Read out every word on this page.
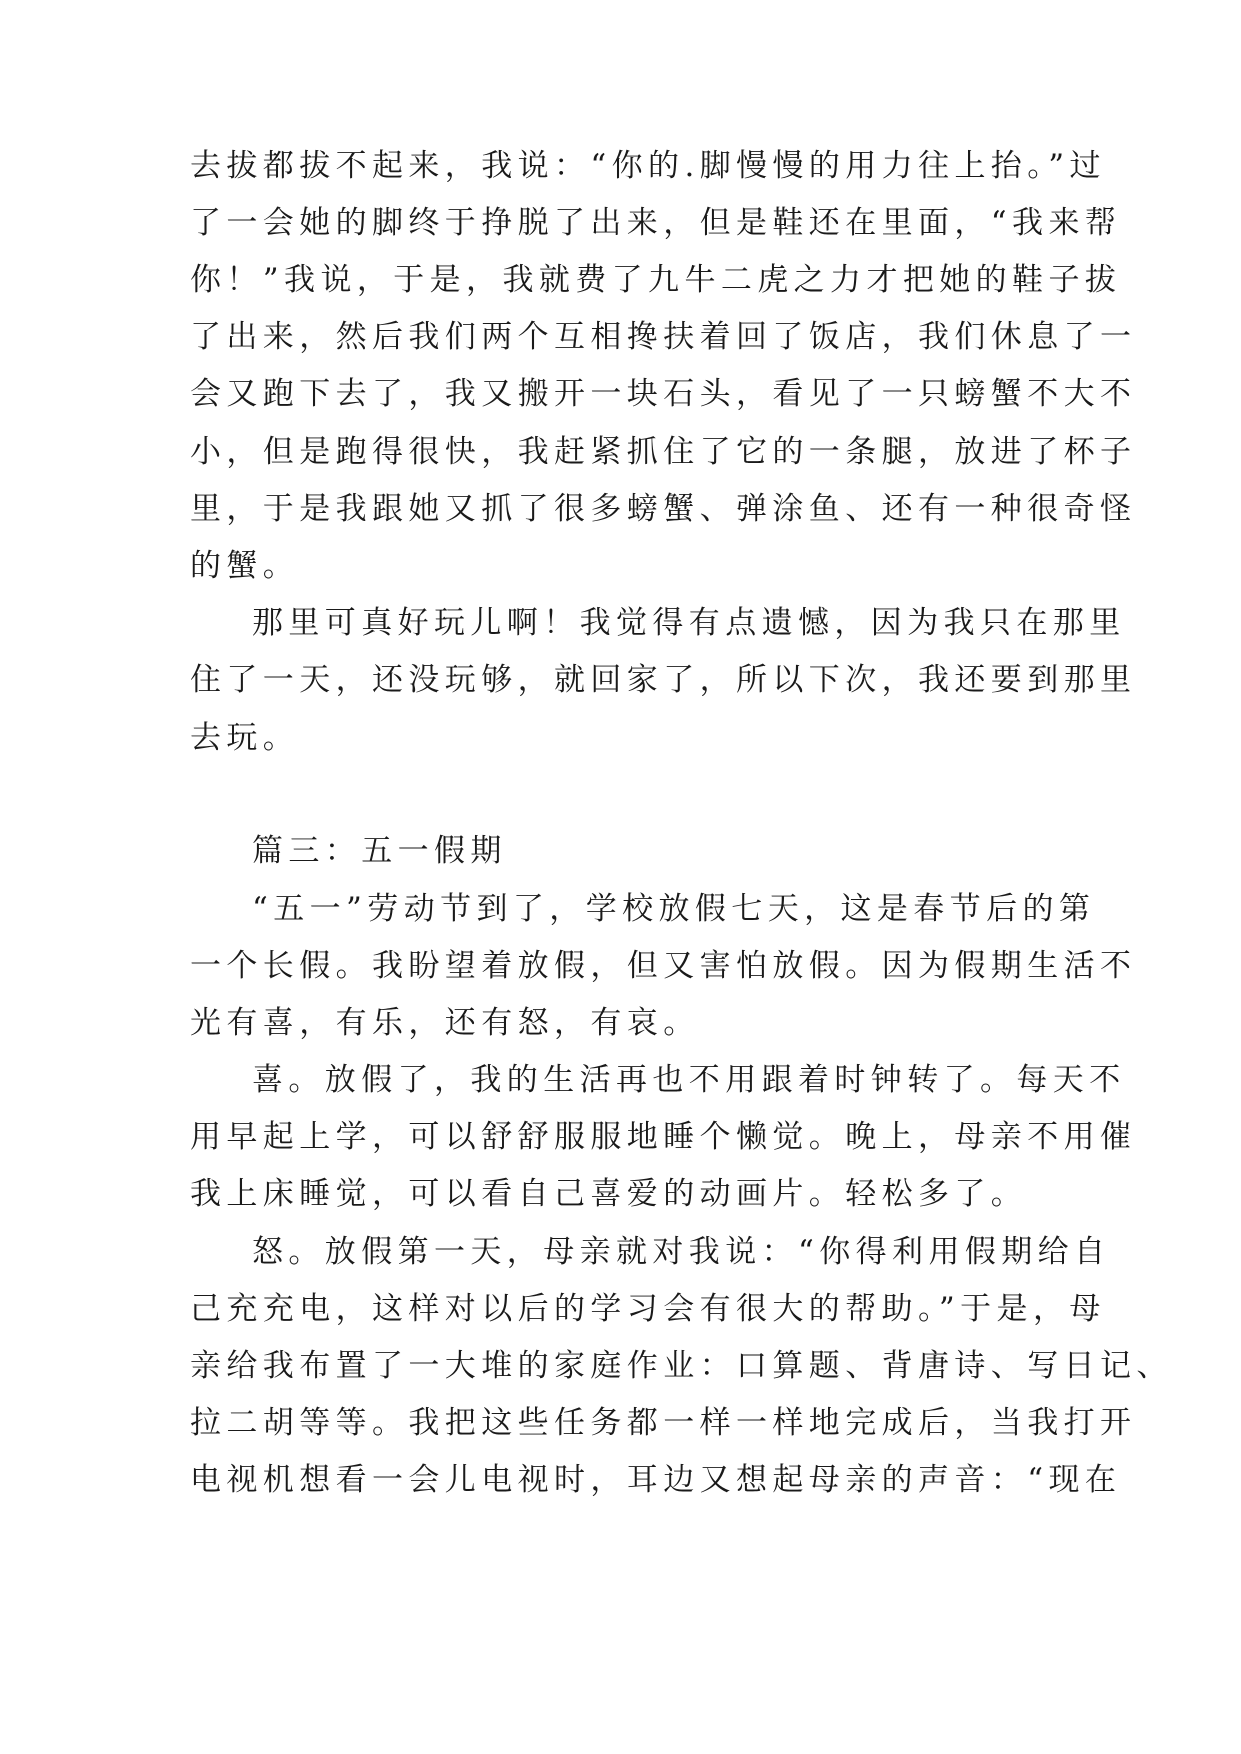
去拔都拔不起来，我说：“你的.脚慢慢的用力往上抬。”过
了一会她的脚终于挣脱了出来，但是鞋还在里面，“我来帮
你！”我说，于是，我就费了九牛二虎之力才把她的鞋子拔
了出来，然后我们两个互相搀扶着回了饭店，我们休息了一
会又跑下去了，我又搬开一块石头，看见了一只螃蟹不大不
小，但是跑得很快，我赶紧抓住了它的一条腿，放进了杯子
里，于是我跟她又抓了很多螃蟹、弹涂鱼、还有一种很奇怪
的蟹。
那里可真好玩儿啊！我觉得有点遗憾，因为我只在那里
住了一天，还没玩够，就回家了，所以下次，我还要到那里
去玩。
篇三：五一假期
“五一”劳动节到了，学校放假七天，这是春节后的第
一个长假。我盼望着放假，但又害怕放假。因为假期生活不
光有喜，有乐，还有怒，有哀。
喜。放假了，我的生活再也不用跟着时钟转了。每天不
用早起上学，可以舒舒服服地睡个懒觉。晚上，母亲不用催
我上床睡觉，可以看自己喜爱的动画片。轻松多了。
怒。放假第一天，母亲就对我说：“你得利用假期给自
己充充电，这样对以后的学习会有很大的帮助。”于是，母
亲给我布置了一大堆的家庭作业：口算题、背唐诗、写日记、
拉二胡等等。我把这些任务都一样一样地完成后，当我打开
电视机想看一会儿电视时，耳边又想起母亲的声音：“现在
